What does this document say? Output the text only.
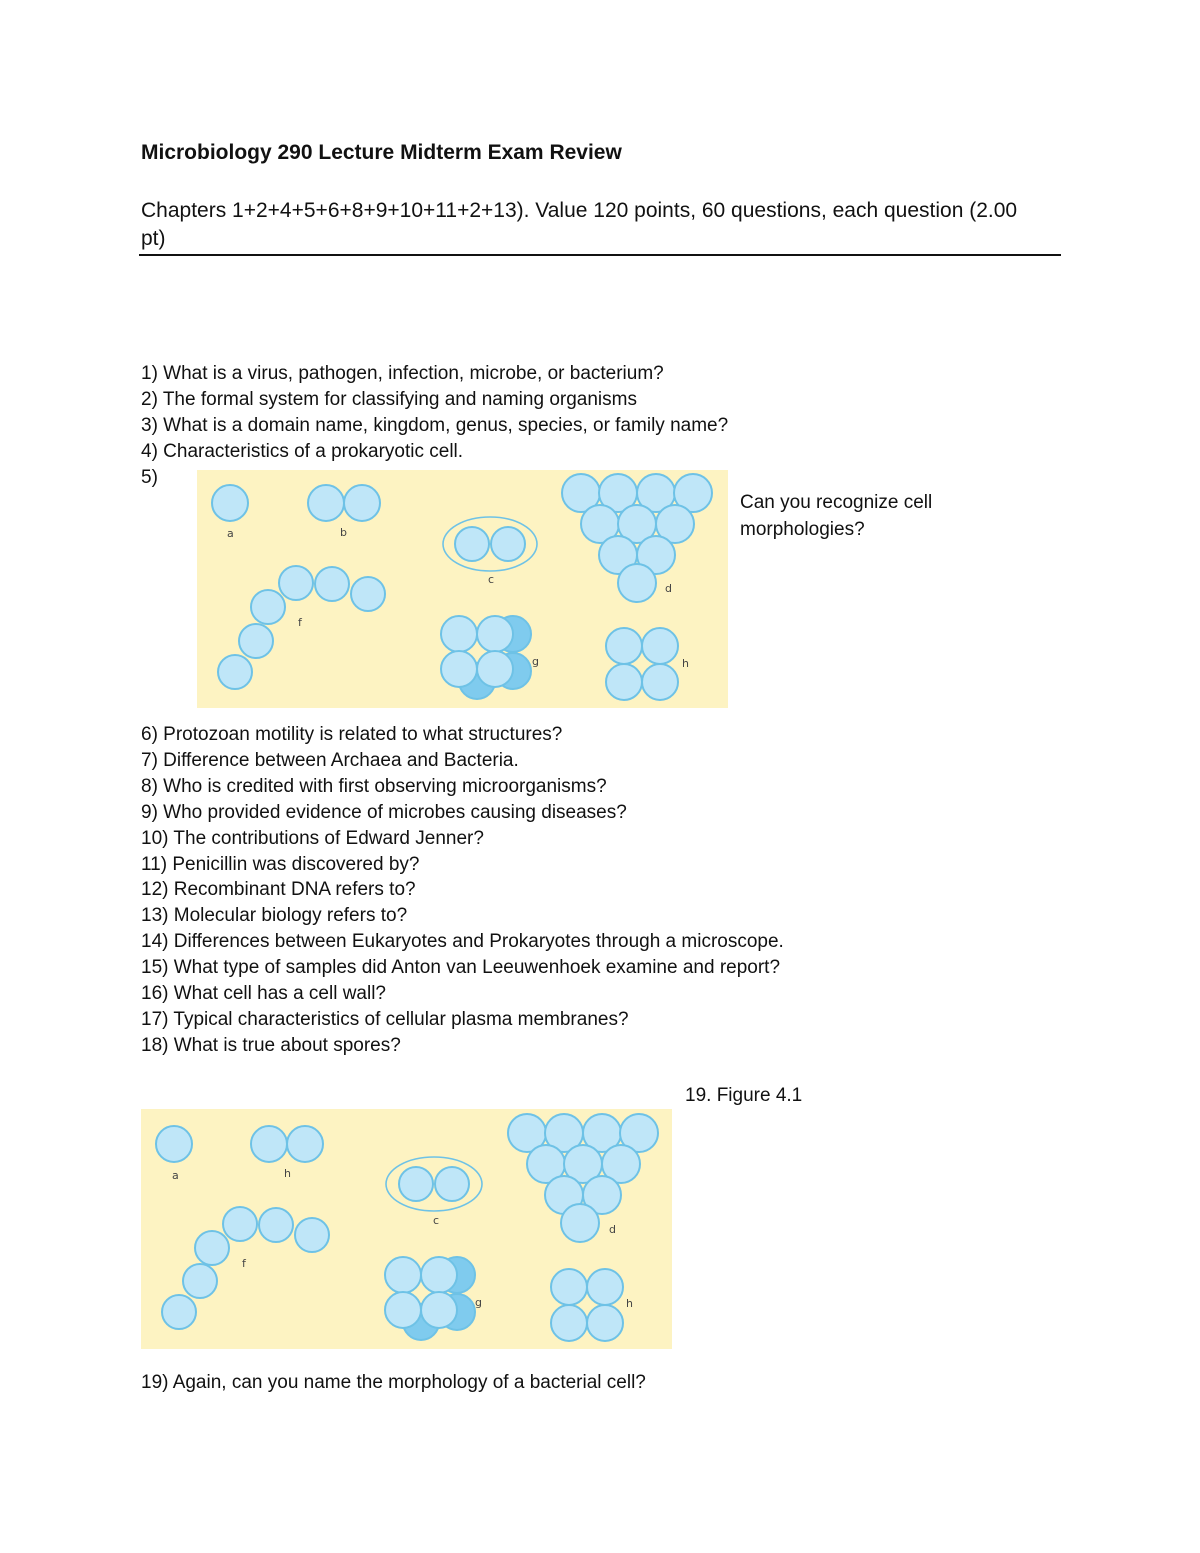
Microbiology 290 Lecture Midterm Exam Review

Chapters 1+2+4+5+6+8+9+10+11+2+13). Value 120 points, 60 questions, each question (2.00 pt)

1) What is a virus, pathogen, infection, microbe, or bacterium?
2) The formal system for classifying and naming organisms
3) What is a domain name, kingdom, genus, species, or family name?
4) Characteristics of a prokaryotic cell.
5)

Can you recognize cell morphologies?

a	b
c
d
f
g	h
6) Protozoan motility is related to what structures?
7) Difference between Archaea and Bacteria.
8) Who is credited with first observing microorganisms?
9) Who provided evidence of microbes causing diseases?
10) The contributions of Edward Jenner?
11) Penicillin was discovered by?
12) Recombinant DNA refers to?
13) Molecular biology refers to?
14) Differences between Eukaryotes and Prokaryotes through a microscope.
15) What type of samples did Anton van Leeuwenhoek examine and report?
16) What cell has a cell wall?
17) Typical characteristics of cellular plasma membranes?
18) What is true about spores?

19. Figure 4.1

a	h
c
d
f
g	h

19) Again, can you name the morphology of a bacterial cell?
